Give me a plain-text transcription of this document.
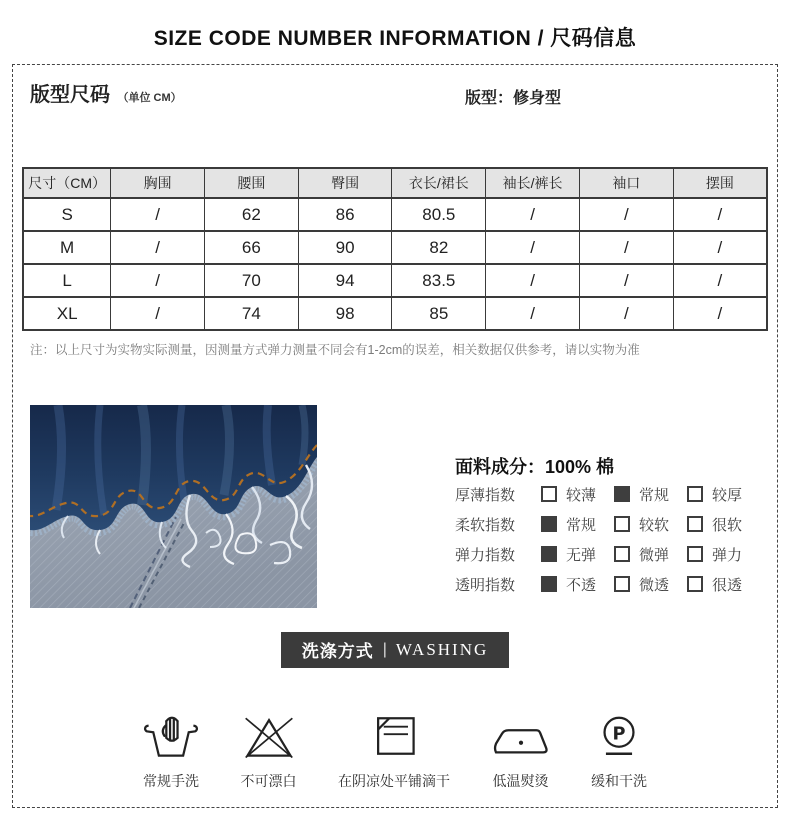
SIZE CODE NUMBER INFORMATION / 尺码信息
版型尺码 （单位 CM）	版型：修身型
尺寸（CM）	胸围	腰围	臀围	衣长/裙长	袖长/裤长	袖口	摆围
S	/	62	86	80.5	/	/	/
M	/	66	90	82	/	/	/
L	/	70	94	83.5	/	/	/
XL	/	74	98	85	/	/	/

注：以上尺寸为实物实际测量，因测量方式弹力测量不同会有1-2cm的误差，相关数据仅供参考，请以实物为准

面料成分：100% 棉
厚薄指数	较薄	常规	较厚
柔软指数	常规	较软	很软
弹力指数	无弹	微弹	弹力
透明指数	不透	微透	很透
洗涤方式 | WASHING
常规手洗	不可漂白	在阴凉处平铺滴干	低温熨烫
P
缓和干洗
